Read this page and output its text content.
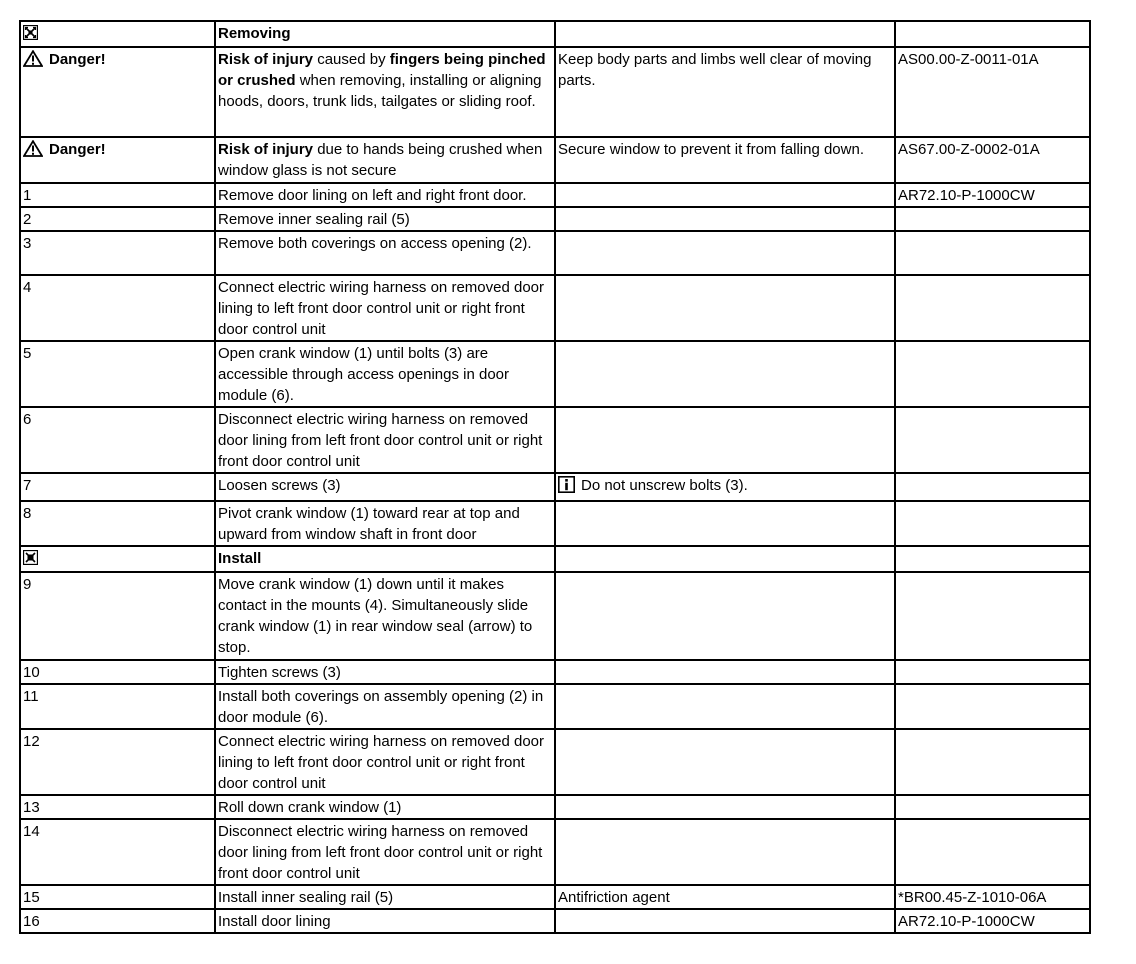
	Removing		
Danger!	Risk of injury caused by fingers being pinched or crushed when removing, installing or aligning hoods, doors, trunk lids, tailgates or sliding roof.	Keep body parts and limbs well clear of moving parts.	AS00.00-Z-0011-01A
Danger!	Risk of injury due to hands being crushed when window glass is not secure	Secure window to prevent it from falling down.	AS67.00-Z-0002-01A
1	Remove door lining on left and right front door.		AR72.10-P-1000CW
2	Remove inner sealing rail (5)		
3	Remove both coverings on access opening (2).		
4	Connect electric wiring harness on removed door lining to left front door control unit or right front door control unit		
5	Open crank window (1) until bolts (3) are accessible through access openings in door module (6).		
6	Disconnect electric wiring harness on removed door lining from left front door control unit or right front door control unit		
7	Loosen screws (3)	Do not unscrew bolts (3).	
8	Pivot crank window (1) toward rear at top and upward from window shaft in front door		
	Install		
9	Move crank window (1) down until it makes contact in the mounts (4). Simultaneously slide crank window (1) in rear window seal (arrow) to stop.		
10	Tighten screws (3)		
11	Install both coverings on assembly opening (2) in door module (6).		
12	Connect electric wiring harness on removed door lining to left front door control unit or right front door control unit		
13	Roll down crank window (1)		
14	Disconnect electric wiring harness on removed door lining from left front door control unit or right front door control unit		
15	Install inner sealing rail (5)	Antifriction agent	*BR00.45-Z-1010-06A
16	Install door lining		AR72.10-P-1000CW
